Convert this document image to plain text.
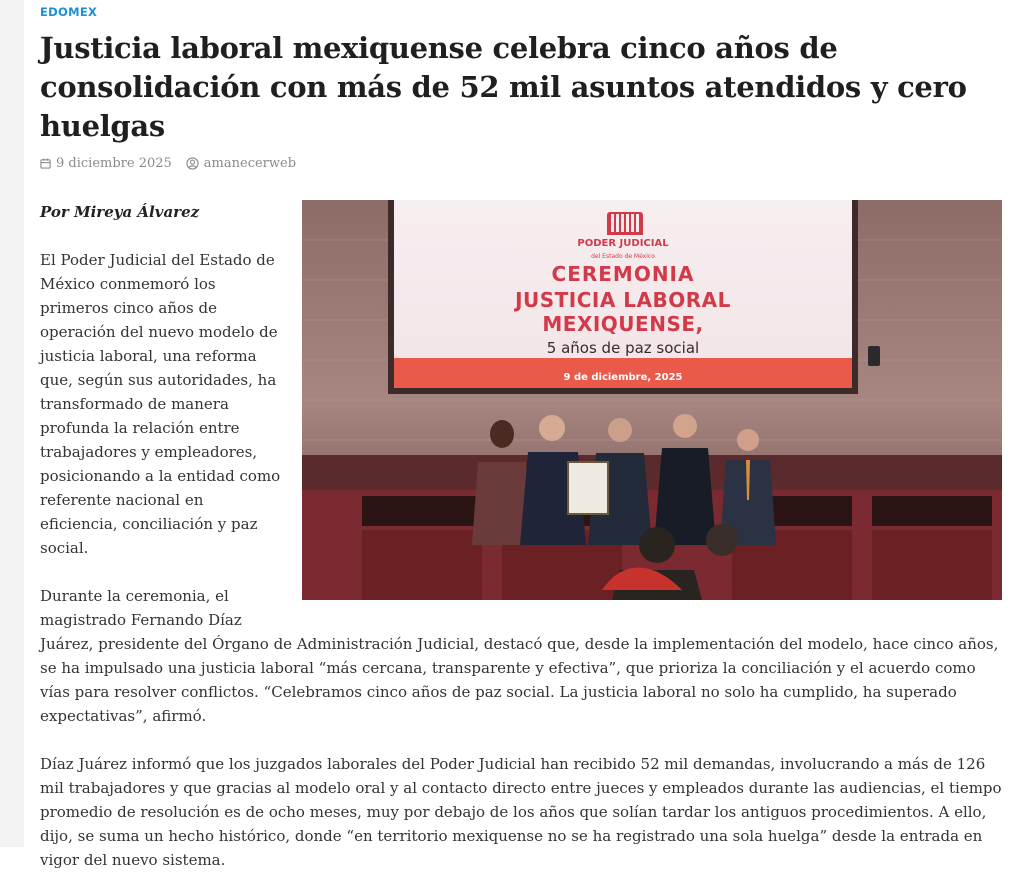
EDOMEX
Justicia laboral mexiquense celebra cinco años de consolidación con más de 52 mil asuntos atendidos y cero huelgas
9 diciembre 2025 amanecerweb
PODER JUDICIAL
del Estado de México
CEREMONIA
JUSTICIA LABORAL
MEXIQUENSE,
5 años de paz social
9 de diciembre, 2025

Por Mireya Álvarez

El Poder Judicial del Estado de México conmemoró los primeros cinco años de operación del nuevo modelo de justicia laboral, una reforma que, según sus autoridades, ha transformado de manera profunda la relación entre trabajadores y empleadores, posicionando a la entidad como referente nacional en eficiencia, conciliación y paz social.

Durante la ceremonia, el magistrado Fernando Díaz Juárez, presidente del Órgano de Administración Judicial, destacó que, desde la implementación del modelo, hace cinco años, se ha impulsado una justicia laboral “más cercana, transparente y efectiva”, que prioriza la conciliación y el acuerdo como vías para resolver conflictos. “Celebramos cinco años de paz social. La justicia laboral no solo ha cumplido, ha superado expectativas”, afirmó.

Díaz Juárez informó que los juzgados laborales del Poder Judicial han recibido 52 mil demandas, involucrando a más de 126 mil trabajadores y que gracias al modelo oral y al contacto directo entre jueces y empleados durante las audiencias, el tiempo promedio de resolución es de ocho meses, muy por debajo de los años que solían tardar los antiguos procedimientos. A ello, dijo, se suma un hecho histórico, donde “en territorio mexiquense no se ha registrado una sola huelga” desde la entrada en vigor del nuevo sistema.
